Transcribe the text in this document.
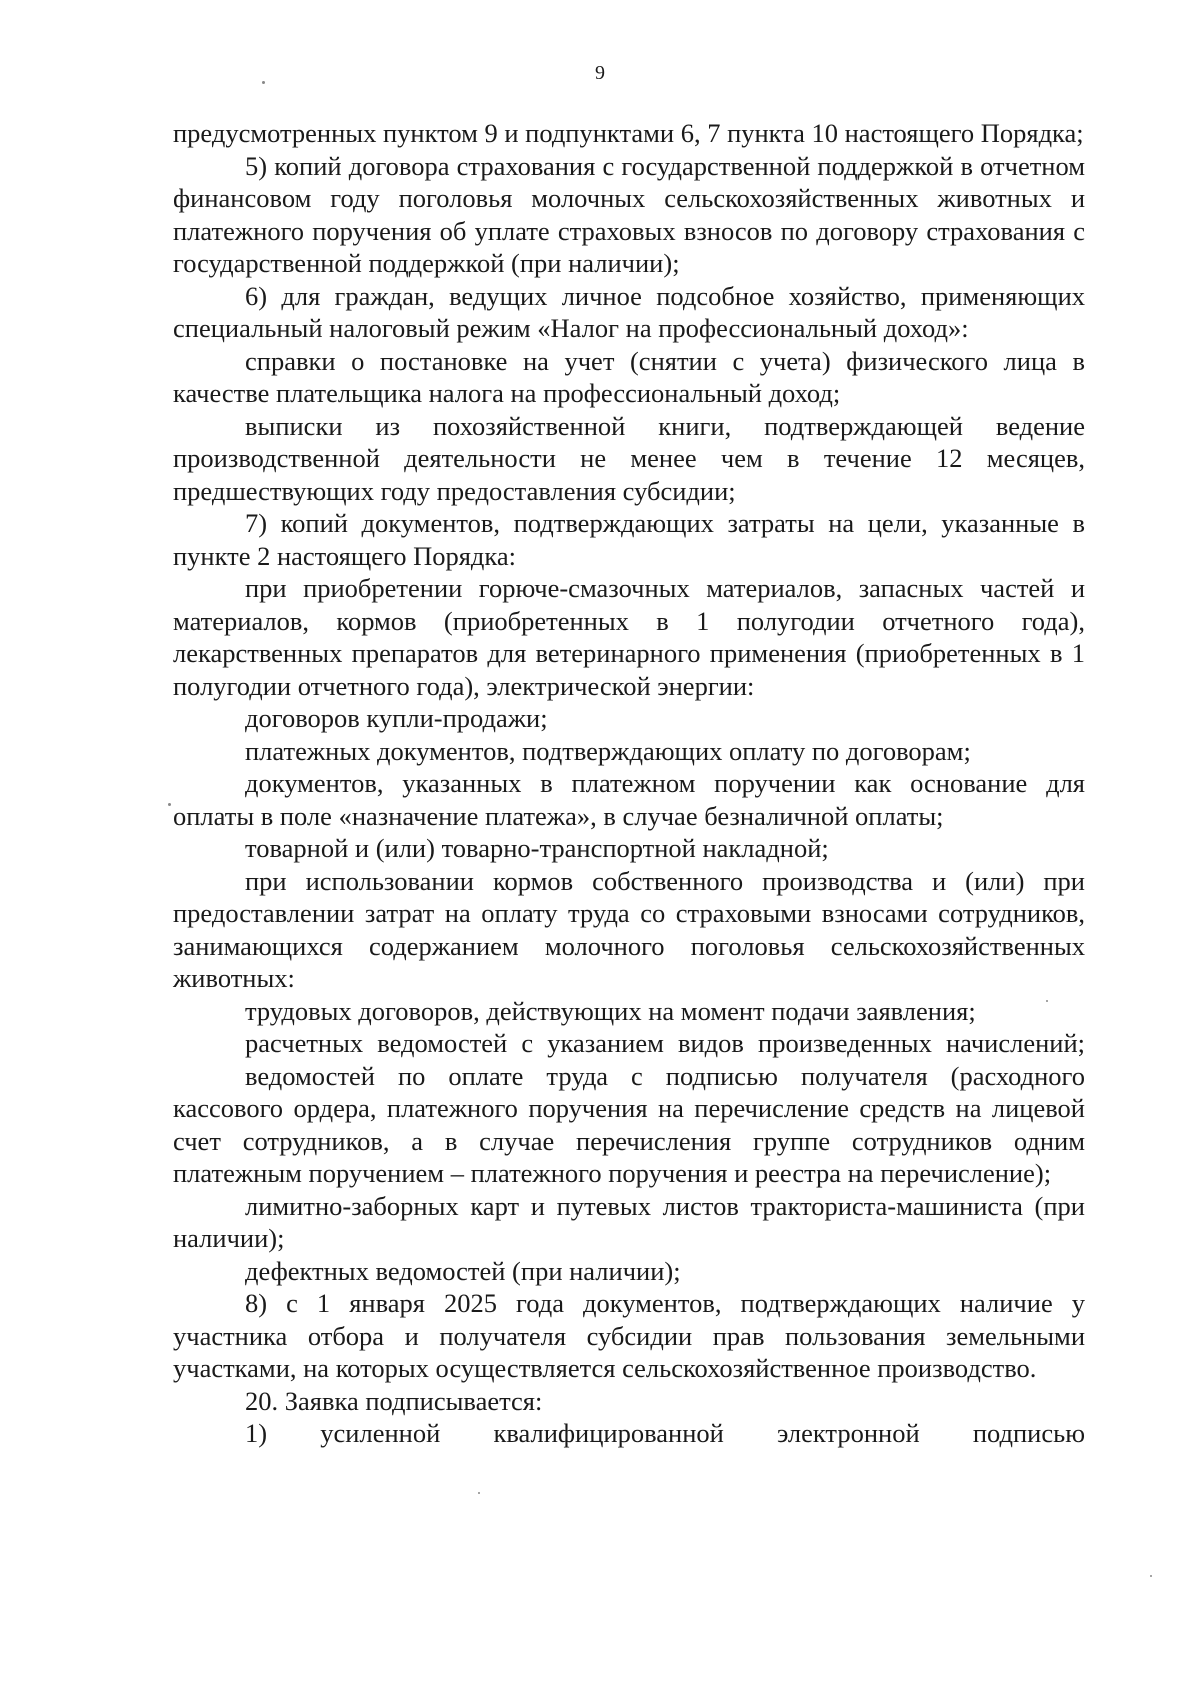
9

предусмотренных пунктом 9 и подпунктами 6, 7 пункта 10 настоящего Порядка;

5) копий договора страхования с государственной поддержкой в отчетном финансовом году поголовья молочных сельскохозяйственных животных и платежного поручения об уплате страховых взносов по договору страхования с государственной поддержкой (при наличии);

6) для граждан, ведущих личное подсобное хозяйство, применяющих специальный налоговый режим «Налог на профессиональный доход»:

справки о постановке на учет (снятии с учета) физического лица в качестве плательщика налога на профессиональный доход;

выписки из похозяйственной книги, подтверждающей ведение производственной деятельности не менее чем в течение 12 месяцев, предшествующих году предоставления субсидии;

7) копий документов, подтверждающих затраты на цели, указанные в пункте 2 настоящего Порядка:

при приобретении горюче-смазочных материалов, запасных частей и материалов, кормов (приобретенных в 1 полугодии отчетного года), лекарственных препаратов для ветеринарного применения (приобретенных в 1 полугодии отчетного года), электрической энергии:

договоров купли-продажи;

платежных документов, подтверждающих оплату по договорам;

документов, указанных в платежном поручении как основание для оплаты в поле «назначение платежа», в случае безналичной оплаты;

товарной и (или) товарно-транспортной накладной;

при использовании кормов собственного производства и (или) при предоставлении затрат на оплату труда со страховыми взносами сотрудников, занимающихся содержанием молочного поголовья сельскохозяйственных животных:

трудовых договоров, действующих на момент подачи заявления;

расчетных ведомостей с указанием видов произведенных начислений;

ведомостей по оплате труда с подписью получателя (расходного кассового ордера, платежного поручения на перечисление средств на лицевой счет сотрудников, а в случае перечисления группе сотрудников одним платежным поручением – платежного поручения и реестра на перечисление);

лимитно-заборных карт и путевых листов тракториста-машиниста (при наличии);

дефектных ведомостей (при наличии);

8) с 1 января 2025 года документов, подтверждающих наличие у участника отбора и получателя субсидии прав пользования земельными участками, на которых осуществляется сельскохозяйственное производство.

20. Заявка подписывается:

1) усиленной квалифицированной электронной подписью
